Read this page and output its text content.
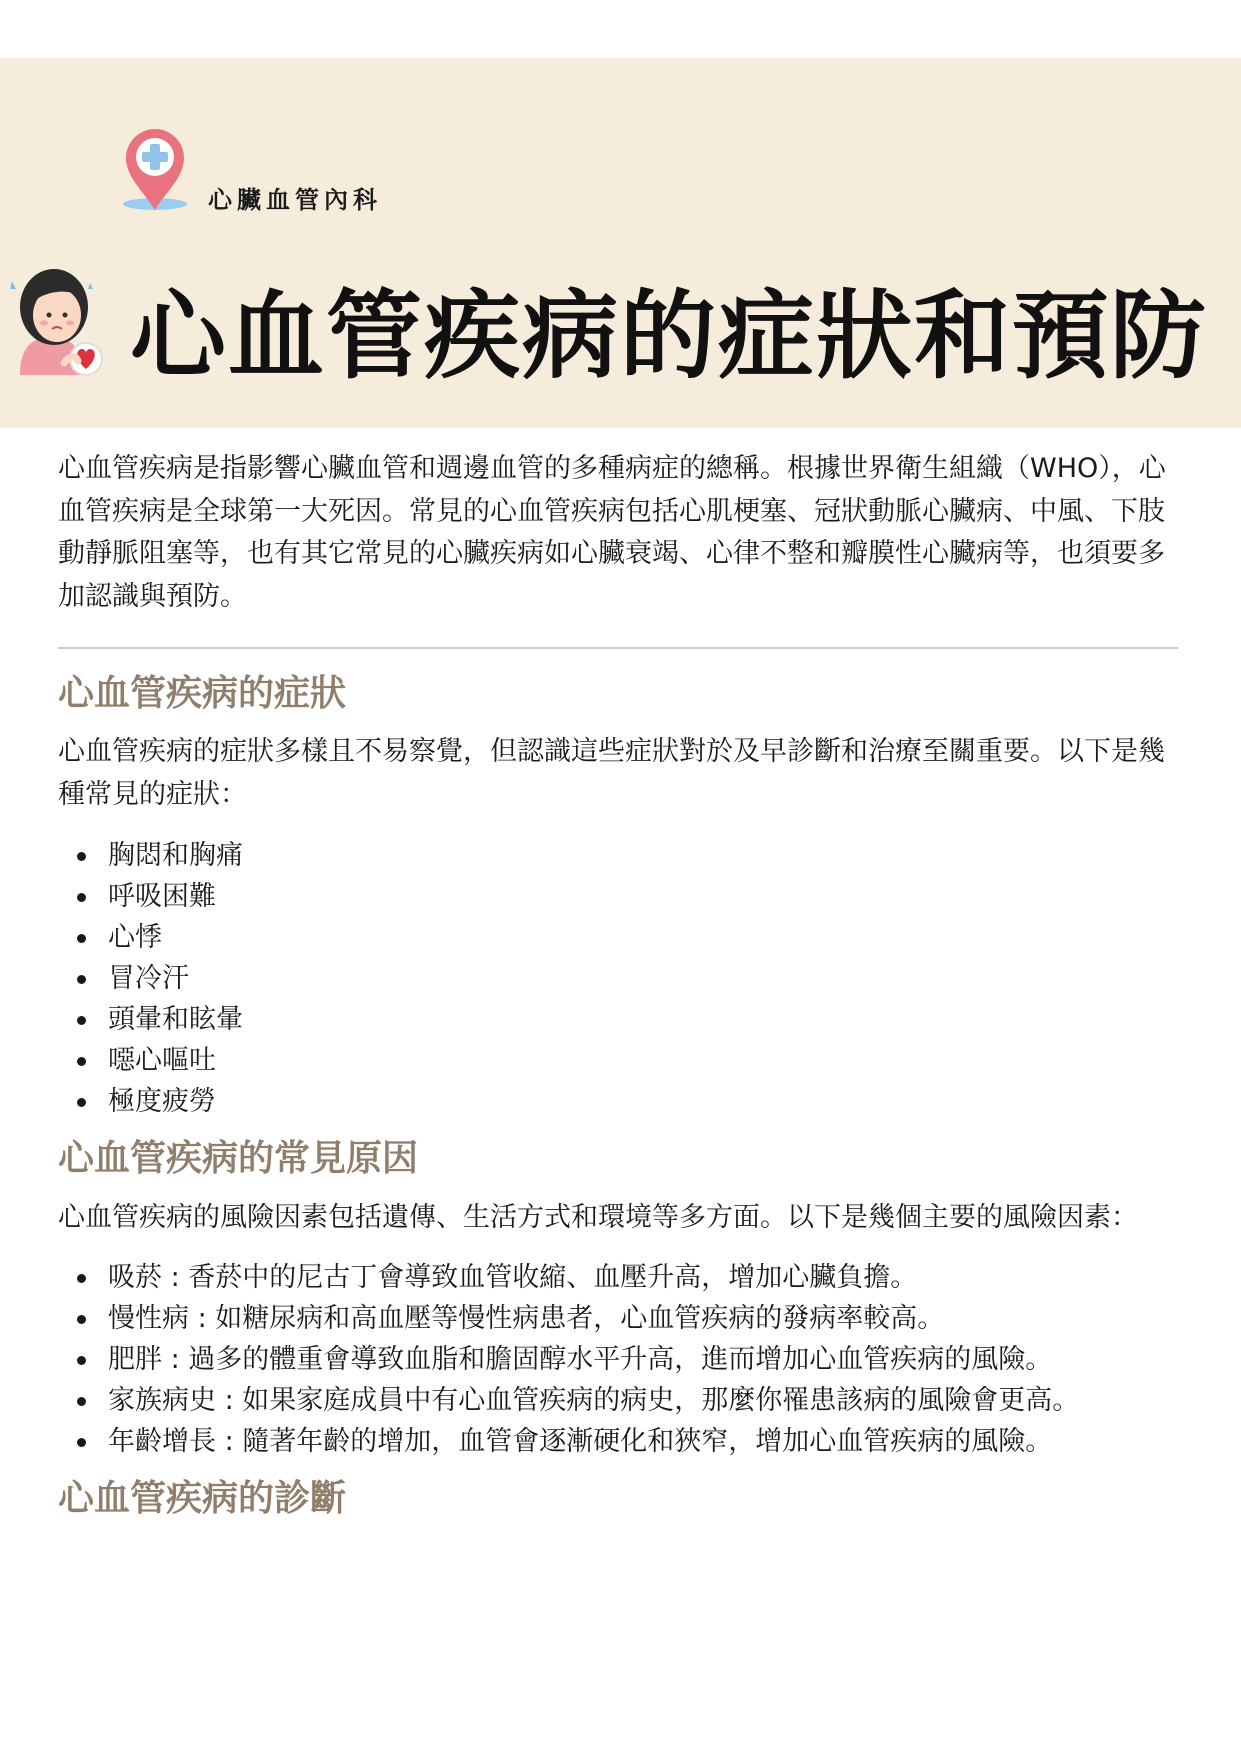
心臟血管內科
心血管疾病的症狀和預防

心血管疾病是指影響心臟血管和週邊血管的多種病症的總稱。根據世界衛生組織（WHO），心血管疾病是全球第一大死因。常見的心血管疾病包括心肌梗塞、冠狀動脈心臟病、中風、下肢動靜脈阻塞等，也有其它常見的心臟疾病如心臟衰竭、心律不整和瓣膜性心臟病等，也須要多加認識與預防。

心血管疾病的症狀

心血管疾病的症狀多樣且不易察覺，但認識這些症狀對於及早診斷和治療至關重要。以下是幾種常見的症狀：

胸悶和胸痛
呼吸困難
心悸
冒冷汗
頭暈和眩暈
噁心嘔吐
極度疲勞
心血管疾病的常見原因

心血管疾病的風險因素包括遺傳、生活方式和環境等多方面。以下是幾個主要的風險因素：

吸菸 : 香菸中的尼古丁會導致血管收縮、血壓升高，增加心臟負擔。
慢性病 : 如糖尿病和高血壓等慢性病患者，心血管疾病的發病率較高。
肥胖 : 過多的體重會導致血脂和膽固醇水平升高，進而增加心血管疾病的風險。
家族病史 : 如果家庭成員中有心血管疾病的病史，那麼你罹患該病的風險會更高。
年齡增長 : 隨著年齡的增加，血管會逐漸硬化和狹窄，增加心血管疾病的風險。
心血管疾病的診斷
